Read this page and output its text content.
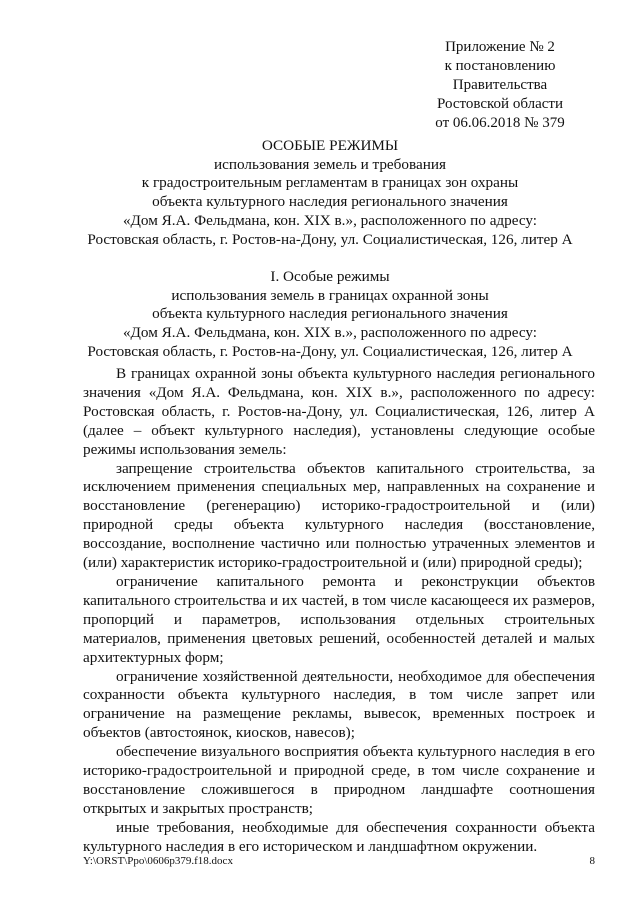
Приложение № 2
к постановлению
Правительства
Ростовской области
от 06.06.2018 № 379
ОСОБЫЕ РЕЖИМЫ
использования земель и требования
к градостроительным регламентам в границах зон охраны
объекта культурного наследия регионального значения
«Дом Я.А. Фельдмана, кон. XIX в.», расположенного по адресу:
Ростовская область, г. Ростов-на-Дону, ул. Социалистическая, 126, литер А
I. Особые режимы
использования земель в границах охранной зоны
объекта культурного наследия регионального значения
«Дом Я.А. Фельдмана, кон. XIX в.», расположенного по адресу:
Ростовская область, г. Ростов-на-Дону, ул. Социалистическая, 126, литер А

В границах охранной зоны объекта культурного наследия регионального значения «Дом Я.А. Фельдмана, кон. XIX в.», расположенного по адресу: Ростовская область, г. Ростов-на-Дону, ул. Социалистическая, 126, литер А (далее – объект культурного наследия), установлены следующие особые режимы использования земель:

запрещение строительства объектов капитального строительства, за исключением применения специальных мер, направленных на сохранение и восстановление (регенерацию) историко-градостроительной и (или) природной среды объекта культурного наследия (восстановление, воссоздание, восполнение частично или полностью утраченных элементов и (или) характеристик историко-градостроительной и (или) природной среды);

ограничение капитального ремонта и реконструкции объектов капитального строительства и их частей, в том числе касающееся их размеров, пропорций и параметров, использования отдельных строительных материалов, применения цветовых решений, особенностей деталей и малых архитектурных форм;

ограничение хозяйственной деятельности, необходимое для обеспечения сохранности объекта культурного наследия, в том числе запрет или ограничение на размещение рекламы, вывесок, временных построек и объектов (автостоянок, киосков, навесов);

обеспечение визуального восприятия объекта культурного наследия в его историко-градостроительной и природной среде, в том числе сохранение и восстановление сложившегося в природном ландшафте соотношения открытых и закрытых пространств;

иные требования, необходимые для обеспечения сохранности объекта культурного наследия в его историческом и ландшафтном окружении.

Y:\ORST\Ppo\0606p379.f18.docx	8
